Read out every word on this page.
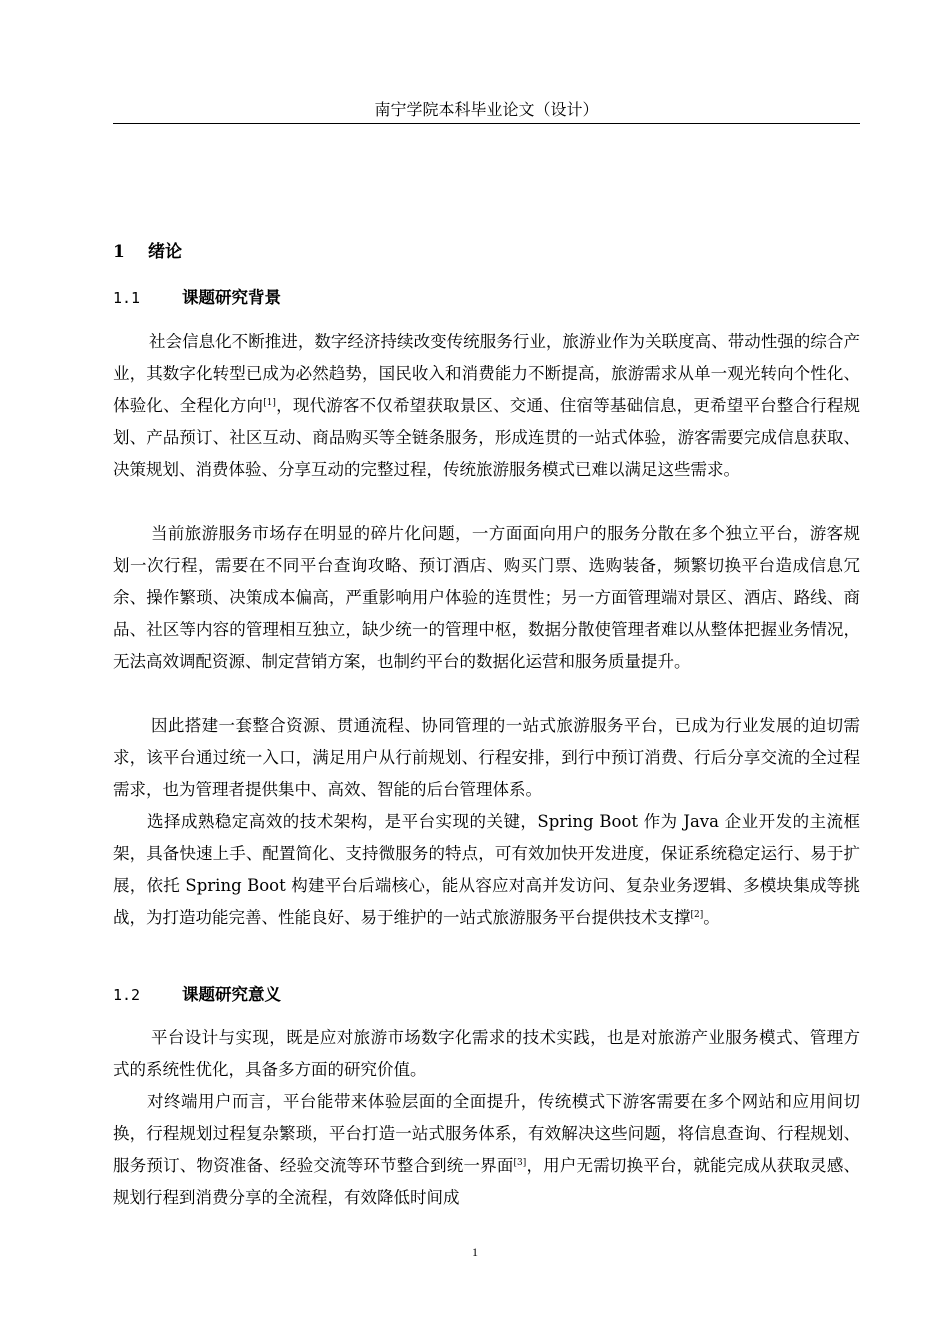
南宁学院本科毕业论文（设计）
1 绪论
1.1	课题研究背景

社会信息化不断推进，数字经济持续改变传统服务行业，旅游业作为关联度高、带动性强的综合产业，其数字化转型已成为必然趋势，国民收入和消费能力不断提高，旅游需求从单一观光转向个性化、体验化、全程化方向[1]，现代游客不仅希望获取景区、交通、住宿等基础信息，更希望平台整合行程规划、产品预订、社区互动、商品购买等全链条服务，形成连贯的一站式体验，游客需要完成信息获取、决策规划、消费体验、分享互动的完整过程，传统旅游服务模式已难以满足这些需求。

当前旅游服务市场存在明显的碎片化问题，一方面面向用户的服务分散在多个独立平台，游客规划一次行程，需要在不同平台查询攻略、预订酒店、购买门票、选购装备，频繁切换平台造成信息冗余、操作繁琐、决策成本偏高，严重影响用户体验的连贯性；另一方面管理端对景区、酒店、路线、商品、社区等内容的管理相互独立，缺少统一的管理中枢，数据分散使管理者难以从整体把握业务情况，无法高效调配资源、制定营销方案，也制约平台的数据化运营和服务质量提升。

因此搭建一套整合资源、贯通流程、协同管理的一站式旅游服务平台，已成为行业发展的迫切需求，该平台通过统一入口，满足用户从行前规划、行程安排，到行中预订消费、行后分享交流的全过程需求，也为管理者提供集中、高效、智能的后台管理体系。

选择成熟稳定高效的技术架构，是平台实现的关键，Spring Boot 作为 Java 企业开发的主流框架，具备快速上手、配置简化、支持微服务的特点，可有效加快开发进度，保证系统稳定运行、易于扩展，依托 Spring Boot 构建平台后端核心，能从容应对高并发访问、复杂业务逻辑、多模块集成等挑战，为打造功能完善、性能良好、易于维护的一站式旅游服务平台提供技术支撑[2]。

1.2	课题研究意义

平台设计与实现，既是应对旅游市场数字化需求的技术实践，也是对旅游产业服务模式、管理方式的系统性优化，具备多方面的研究价值。

对终端用户而言，平台能带来体验层面的全面提升，传统模式下游客需要在多个网站和应用间切换，行程规划过程复杂繁琐，平台打造一站式服务体系，有效解决这些问题，将信息查询、行程规划、服务预订、物资准备、经验交流等环节整合到统一界面[3]，用户无需切换平台，就能完成从获取灵感、规划行程到消费分享的全流程，有效降低时间成

1
